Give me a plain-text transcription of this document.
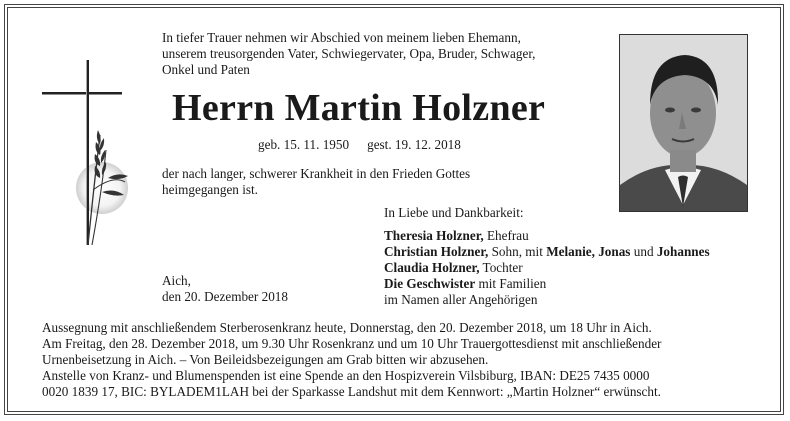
In tiefer Trauer nehmen wir Abschied von meinem lieben Ehemann,
unserem treusorgenden Vater, Schwiegervater, Opa, Bruder, Schwager,
Onkel und Paten
Herrn Martin Holzner
geb. 15. 11. 1950 gest. 19. 12. 2018
der nach langer, schwerer Krankheit in den Frieden Gottes
heimgegangen ist.
In Liebe und Dankbarkeit:
Theresia Holzner, Ehefrau
Christian Holzner, Sohn, mit Melanie, Jonas und Johannes
Claudia Holzner, Tochter
Die Geschwister mit Familien
im Namen aller Angehörigen
Aich,
den 20. Dezember 2018
Aussegnung mit anschließendem Sterberosenkranz heute, Donnerstag, den 20. Dezember 2018, um 18 Uhr in Aich.
Am Freitag, den 28. Dezember 2018, um 9.30 Uhr Rosenkranz und um 10 Uhr Trauergottesdienst mit anschließender
Urnenbeisetzung in Aich. – Von Beileidsbezeigungen am Grab bitten wir abzusehen.
Anstelle von Kranz- und Blumenspenden ist eine Spende an den Hospizverein Vilsbiburg, IBAN: DE25 7435 0000
0020 1839 17, BIC: BYLADEM1LAH bei der Sparkasse Landshut mit dem Kennwort: „Martin Holzner“ erwünscht.
